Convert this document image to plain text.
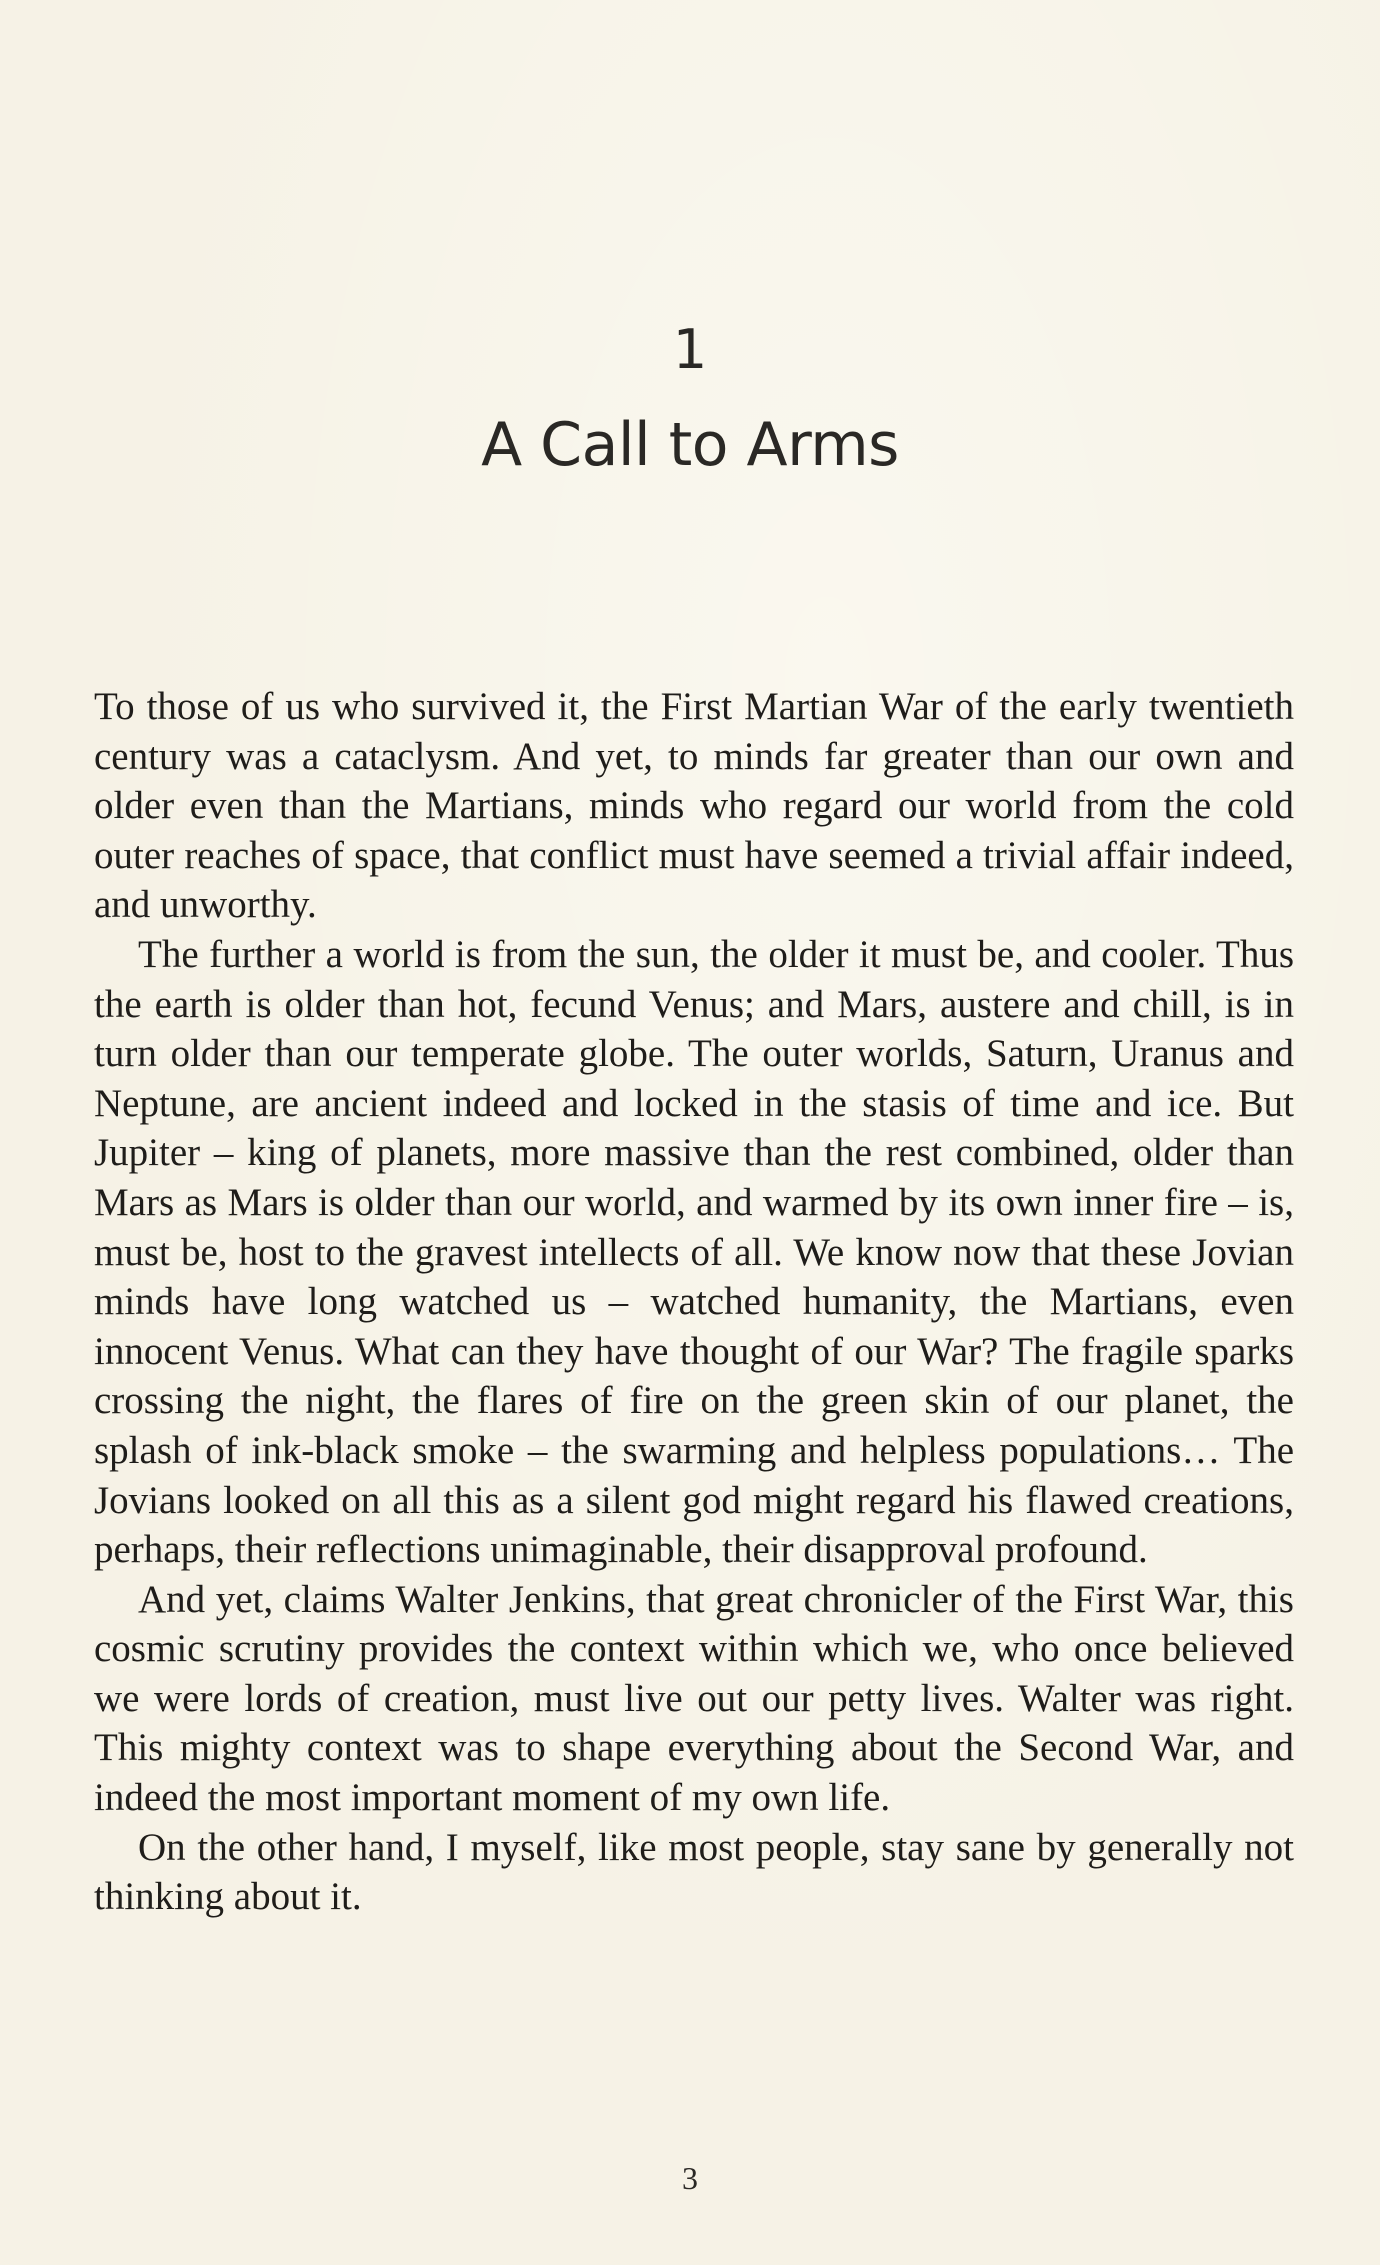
1
A Call to Arms

To those of us who survived it, the First Martian War of the early twentieth century was a cataclysm. And yet, to minds far greater than our own and older even than the Martians, minds who regard our world from the cold outer reaches of space, that conflict must have seemed a trivial affair indeed, and unworthy.

The further a world is from the sun, the older it must be, and cooler. Thus the earth is older than hot, fecund Venus; and Mars, austere and chill, is in turn older than our temperate globe. The outer worlds, Saturn, Uranus and Neptune, are ancient indeed and locked in the stasis of time and ice. But Jupiter – king of planets, more massive than the rest combined, older than Mars as Mars is older than our world, and warmed by its own inner fire – is, must be, host to the gravest intellects of all. We know now that these Jovian minds have long watched us – watched humanity, the Martians, even innocent Venus. What can they have thought of our War? The fragile sparks crossing the night, the flares of fire on the green skin of our planet, the splash of ink-black smoke – the swarming and helpless populations… The Jovians looked on all this as a silent god might regard his flawed creations, perhaps, their reflections unimaginable, their disapproval profound.

And yet, claims Walter Jenkins, that great chronicler of the First War, this cosmic scrutiny provides the context within which we, who once believed we were lords of creation, must live out our petty lives. Walter was right. This mighty context was to shape everything about the Second War, and indeed the most important moment of my own life.

On the other hand, I myself, like most people, stay sane by generally not thinking about it.

3
